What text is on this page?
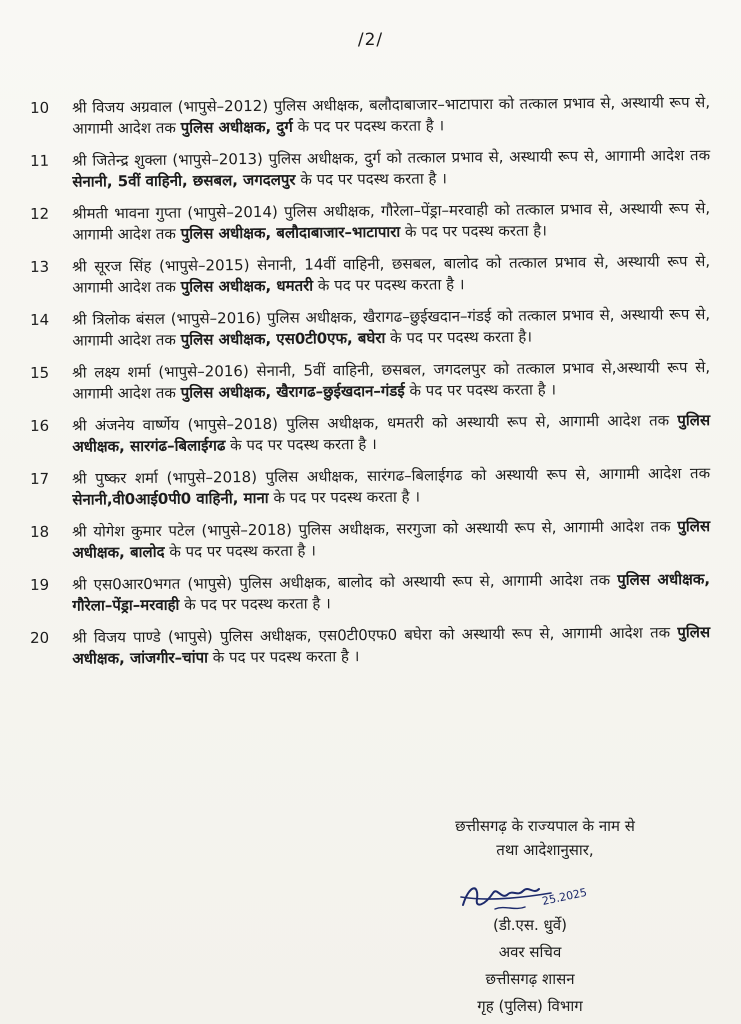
/2/
10	श्री विजय अग्रवाल (भापुसे–2012) पुलिस अधीक्षक, बलौदाबाजार–भाटापारा को तत्काल प्रभाव से, अस्थायी रूप से, आगामी आदेश तक पुलिस अधीक्षक, दुर्ग के पद पर पदस्थ करता है ।
11	श्री जितेन्द्र शुक्ला (भापुसे–2013) पुलिस अधीक्षक, दुर्ग को तत्काल प्रभाव से, अस्थायी रूप से, आगामी आदेश तक सेनानी, 5वीं वाहिनी, छसबल, जगदलपुर के पद पर पदस्थ करता है ।
12	श्रीमती भावना गुप्ता (भापुसे–2014) पुलिस अधीक्षक, गौरेला–पेंड्रा–मरवाही को तत्काल प्रभाव से, अस्थायी रूप से, आगामी आदेश तक पुलिस अधीक्षक, बलौदाबाजार–भाटापारा के पद पर पदस्थ करता है।
13	श्री सूरज सिंह (भापुसे–2015) सेनानी, 14वीं वाहिनी, छसबल, बालोद को तत्काल प्रभाव से, अस्थायी रूप से, आगामी आदेश तक पुलिस अधीक्षक, धमतरी के पद पर पदस्थ करता है ।
14	श्री त्रिलोक बंसल (भापुसे–2016) पुलिस अधीक्षक, खैरागढ–छुईखदान–गंडई को तत्काल प्रभाव से, अस्थायी रूप से, आगामी आदेश तक पुलिस अधीक्षक, एस0टी0एफ, बघेरा के पद पर पदस्थ करता है।
15	श्री लक्ष्य शर्मा (भापुसे–2016) सेनानी, 5वीं वाहिनी, छसबल, जगदलपुर को तत्काल प्रभाव से,अस्थायी रूप से, आगामी आदेश तक पुलिस अधीक्षक, खैरागढ–छुईखदान–गंडई के पद पर पदस्थ करता है ।
16	श्री अंजनेय वार्ष्णेय (भापुसे–2018) पुलिस अधीक्षक, धमतरी को अस्थायी रूप से, आगामी आदेश तक पुलिस अधीक्षक, सारगंढ–बिलाईगढ के पद पर पदस्थ करता है ।
17	श्री पुष्कर शर्मा (भापुसे–2018) पुलिस अधीक्षक, सारंगढ–बिलाईगढ को अस्थायी रूप से, आगामी आदेश तक सेनानी,वी0आई0पी0 वाहिनी, माना के पद पर पदस्थ करता है ।
18	श्री योगेश कुमार पटेल (भापुसे–2018) पुलिस अधीक्षक, सरगुजा को अस्थायी रूप से, आगामी आदेश तक पुलिस अधीक्षक, बालोद के पद पर पदस्थ करता है ।
19	श्री एस0आर0भगत (भापुसे) पुलिस अधीक्षक, बालोद को अस्थायी रूप से, आगामी आदेश तक पुलिस अधीक्षक, गौरेला–पेंड्रा–मरवाही के पद पर पदस्थ करता है ।
20	श्री विजय पाण्डे (भापुसे) पुलिस अधीक्षक, एस0टी0एफ0 बघेरा को अस्थायी रूप से, आगामी आदेश तक पुलिस अधीक्षक, जांजगीर–चांपा के पद पर पदस्थ करता है ।
छत्तीसगढ़ के राज्यपाल के नाम से
तथा आदेशानुसार,
25.2025
(डी.एस. धुर्वे)
अवर सचिव
छत्तीसगढ़ शासन
गृह (पुलिस) विभाग
